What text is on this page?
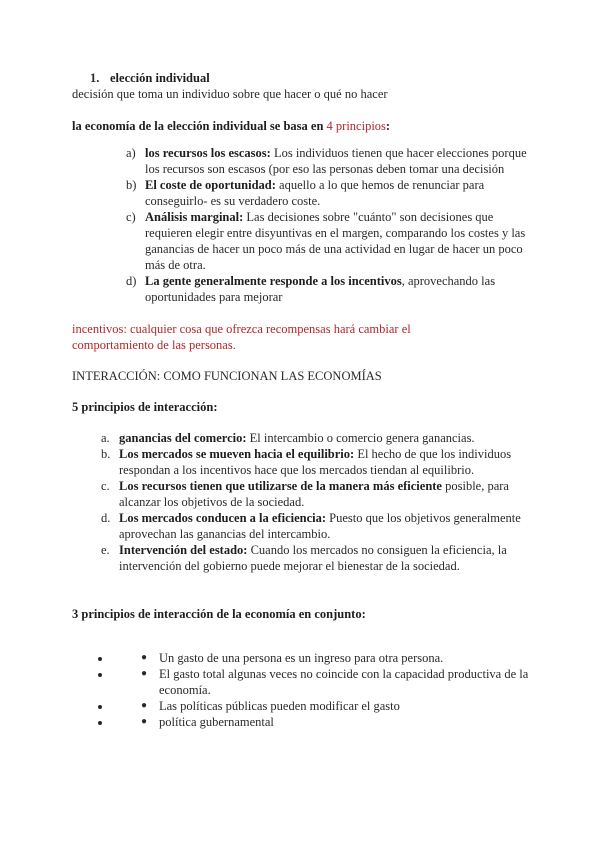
1. elección individual
decisión que toma un individuo sobre que hacer o qué no hacer
la economía de la elección individual se basa en 4 principios:
a) los recursos los escasos: Los individuos tienen que hacer elecciones porque los recursos son escasos (por eso las personas deben tomar una decisión
b) El coste de oportunidad: aquello a lo que hemos de renunciar para conseguirlo- es su verdadero coste.
c) Análisis marginal: Las decisiones sobre "cuánto" son decisiones que requieren elegir entre disyuntivas en el margen, comparando los costes y las ganancias de hacer un poco más de una actividad en lugar de hacer un poco más de otra.
d) La gente generalmente responde a los incentivos, aprovechando las oportunidades para mejorar
incentivos: cualquier cosa que ofrezca recompensas hará cambiar el comportamiento de las personas.
INTERACCIÓN: COMO FUNCIONAN LAS ECONOMÍAS
5 principios de interacción:
a. ganancias del comercio: El intercambio o comercio genera ganancias.
b. Los mercados se mueven hacia el equilibrio: El hecho de que los individuos respondan a los incentivos hace que los mercados tiendan al equilibrio.
c. Los recursos tienen que utilizarse de la manera más eficiente posible, para alcanzar los objetivos de la sociedad.
d. Los mercados conducen a la eficiencia: Puesto que los objetivos generalmente aprovechan las ganancias del intercambio.
e. Intervención del estado: Cuando los mercados no consiguen la eficiencia, la intervención del gobierno puede mejorar el bienestar de la sociedad.
3 principios de interacción de la economía en conjunto:
• ● Un gasto de una persona es un ingreso para otra persona.
• ● El gasto total algunas veces no coincide con la capacidad productiva de la economía.
• ● Las políticas públicas pueden modificar el gasto
• ● política gubernamental
